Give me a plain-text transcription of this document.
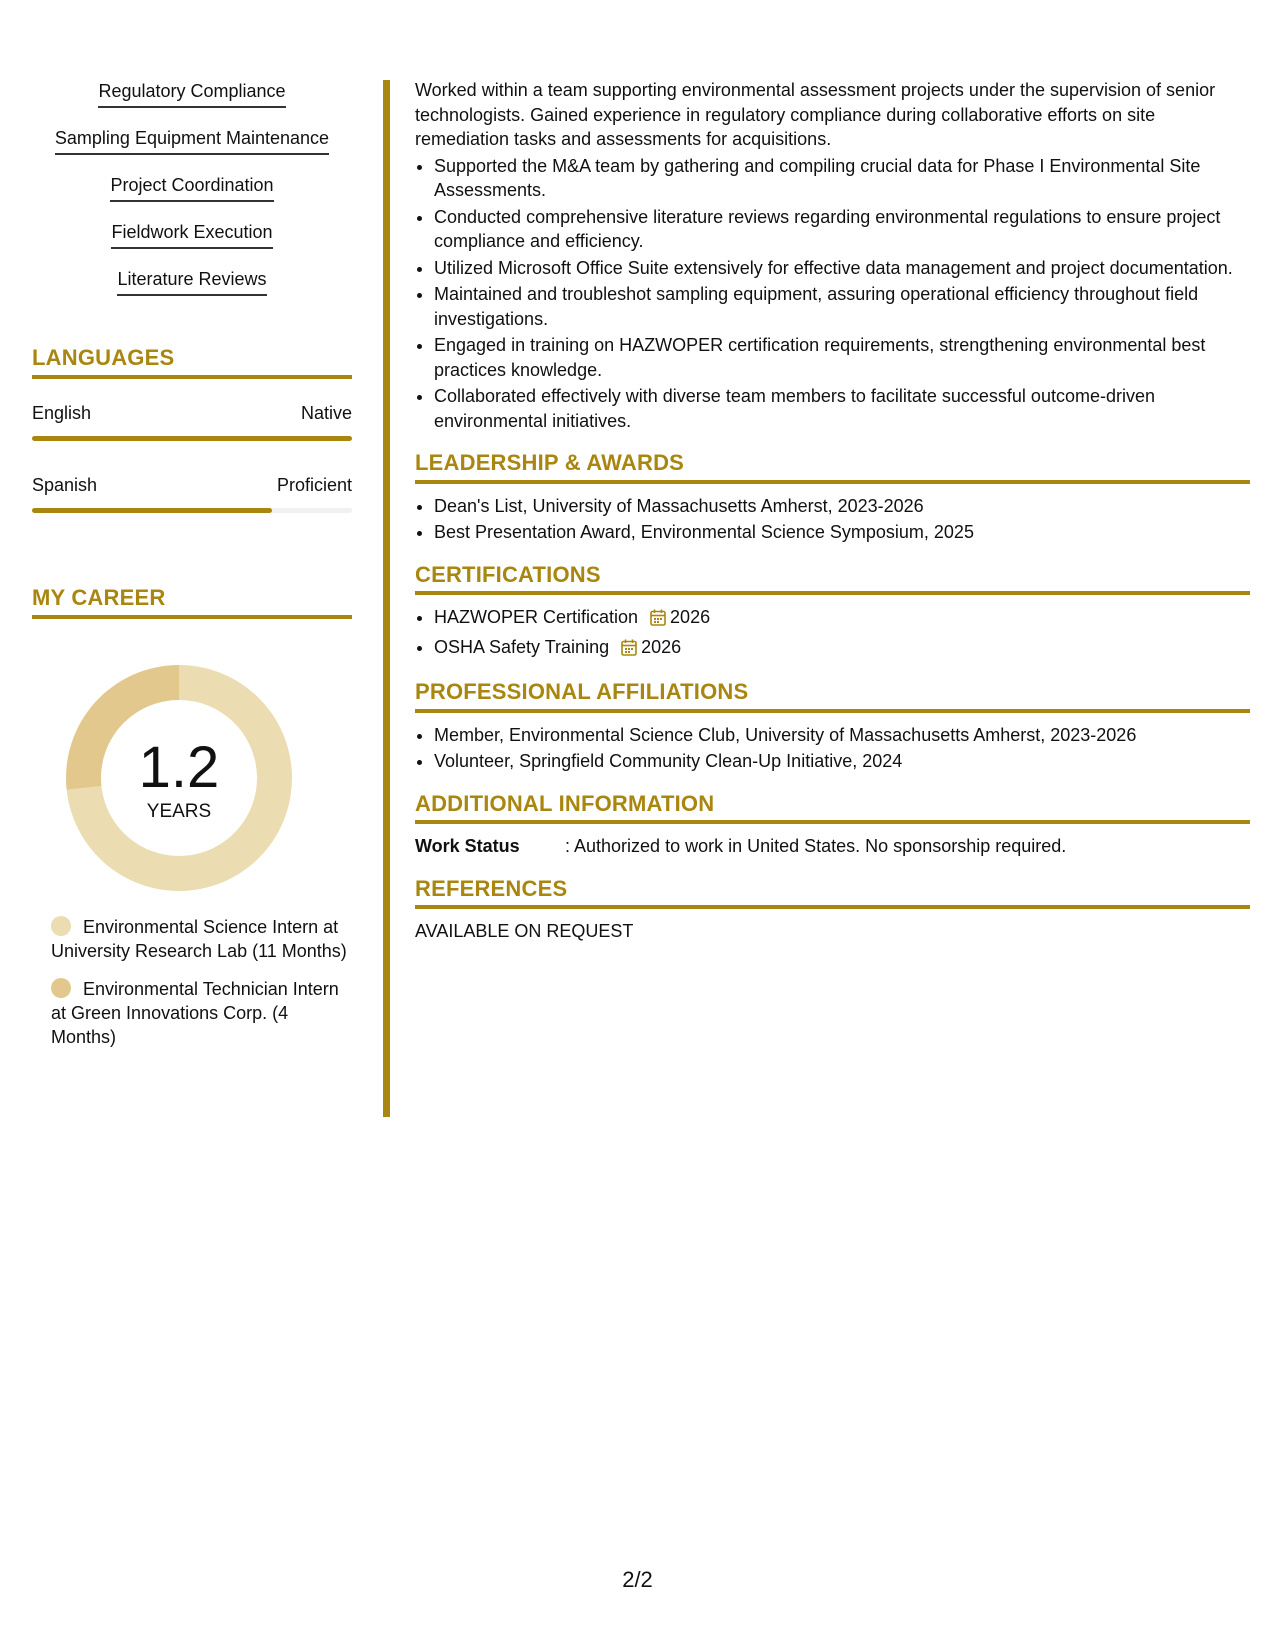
Regulatory Compliance
Sampling Equipment Maintenance
Project Coordination
Fieldwork Execution
Literature Reviews
LANGUAGES
English	Native
Spanish	Proficient
MY CAREER
1.2
YEARS
Environmental Science Intern at University Research Lab (11 Months)
Environmental Technician Intern at Green Innovations Corp. (4 Months)

Worked within a team supporting environmental assessment projects under the supervision of senior technologists. Gained experience in regulatory compliance during collaborative efforts on site remediation tasks and assessments for acquisitions.

• Supported the M&A team by gathering and compiling crucial data for Phase I Environmental Site Assessments.
• Conducted comprehensive literature reviews regarding environmental regulations to ensure project compliance and efficiency.
• Utilized Microsoft Office Suite extensively for effective data management and project documentation.
• Maintained and troubleshot sampling equipment, assuring operational efficiency throughout field investigations.
• Engaged in training on HAZWOPER certification requirements, strengthening environmental best practices knowledge.
• Collaborated effectively with diverse team members to facilitate successful outcome-driven environmental initiatives.
LEADERSHIP & AWARDS
• Dean's List, University of Massachusetts Amherst, 2023-2026
• Best Presentation Award, Environmental Science Symposium, 2025
CERTIFICATIONS
• HAZWOPER Certification 2026
• OSHA Safety Training 2026
PROFESSIONAL AFFILIATIONS
• Member, Environmental Science Club, University of Massachusetts Amherst, 2023-2026
• Volunteer, Springfield Community Clean-Up Initiative, 2024
ADDITIONAL INFORMATION
Work Status	: Authorized to work in United States. No sponsorship required.
REFERENCES
AVAILABLE ON REQUEST
2/2
